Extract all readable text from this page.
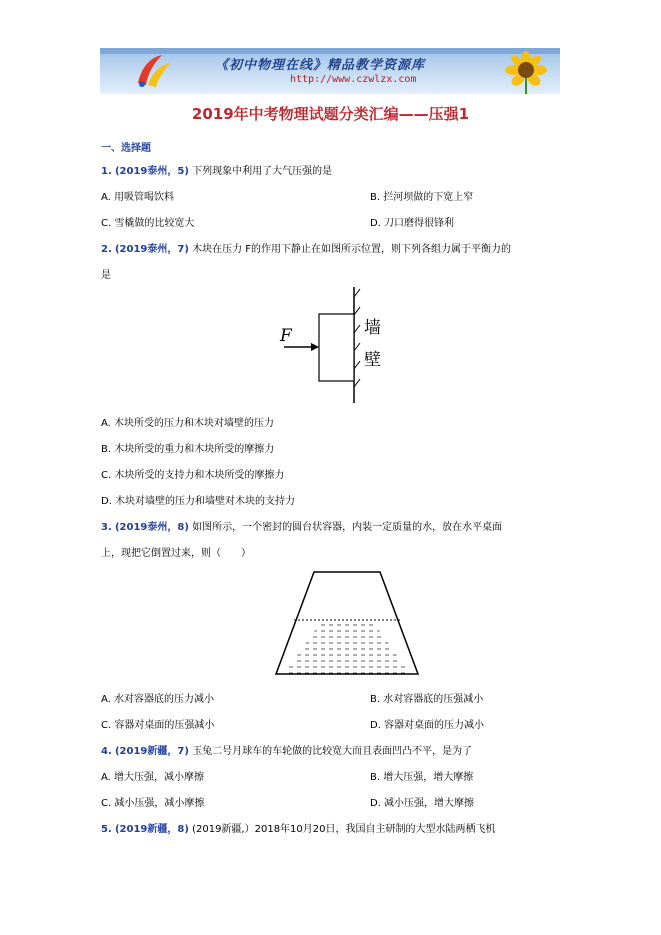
《初中物理在线》精品教学资源库
http://www.czwlzx.com
2019年中考物理试题分类汇编——压强1
一、选择题
1. (2019泰州，5) 下列现象中利用了大气压强的是
A. 用吸管喝饮料	B. 拦河坝做的下宽上窄
C. 雪橇做的比较宽大	D. 刀口磨得很锋利
2. (2019泰州，7) 木块在压力 F的作用下静止在如图所示位置，则下列各组力属于平衡力的
是
F	墙
壁
A. 木块所受的压力和木块对墙壁的压力
B. 木块所受的重力和木块所受的摩擦力
C. 木块所受的支持力和木块所受的摩擦力
D. 木块对墙壁的压力和墙壁对木块的支持力
3. (2019泰州，8) 如图所示，一个密封的圆台状容器，内装一定质量的水，放在水平桌面
上，现把它倒置过来，则（　　）
A. 水对容器底的压力减小	B. 水对容器底的压强减小
C. 容器对桌面的压强减小	D. 容器对桌面的压力减小
4. (2019新疆，7) 玉兔二号月球车的车轮做的比较宽大而且表面凹凸不平，是为了
A. 增大压强，减小摩擦	B. 增大压强，增大摩擦
C. 减小压强，减小摩擦	D. 减小压强，增大摩擦
5. (2019新疆，8) (2019新疆,）2018年10月20日，我国自主研制的大型水陆两栖飞机
